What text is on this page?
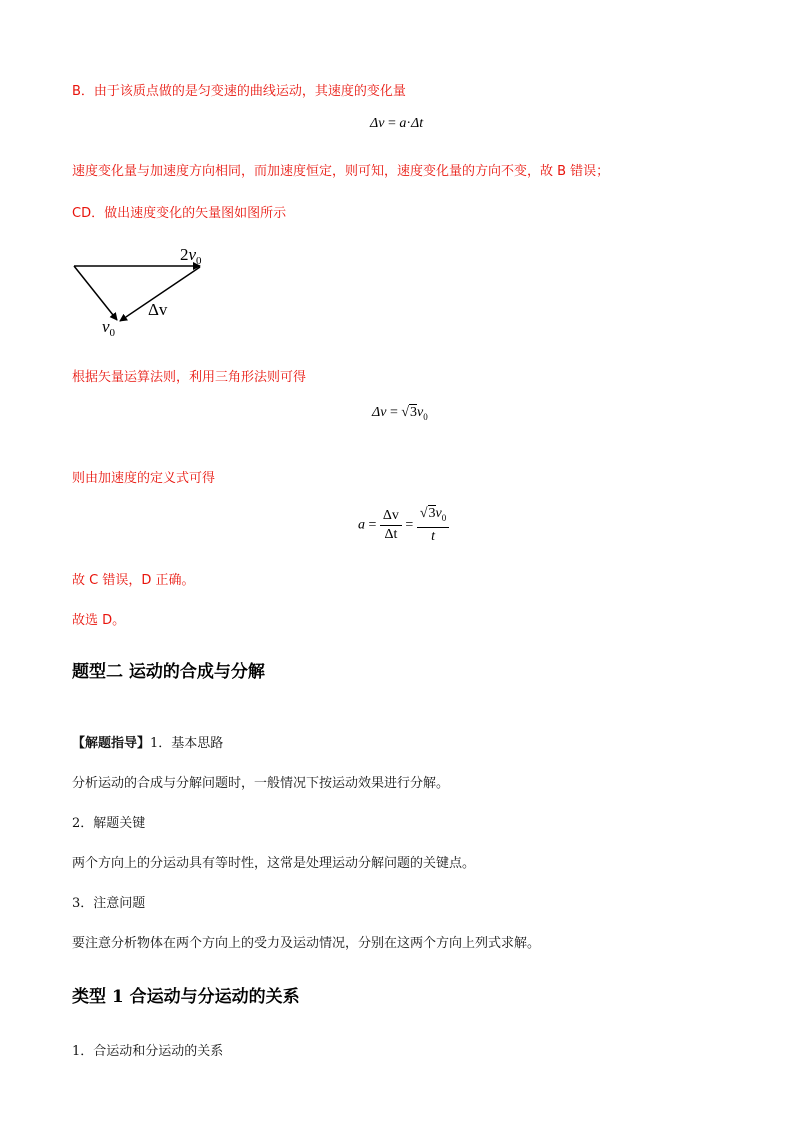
B．由于该质点做的是匀变速的曲线运动，其速度的变化量
Δv = a·Δt
速度变化量与加速度方向相同，而加速度恒定，则可知，速度变化量的方向不变，故 B 错误；
CD．做出速度变化的矢量图如图所示
$2v_0$
$v_0$
Δv
根据矢量运算法则，利用三角形法则可得
$\Delta v = √3v_0$
则由加速度的定义式可得
$a = \frac{\Delta v}{\Delta t} = \frac{√3v_0}{t}$
故 C 错误，D 正确。
故选 D。
题型二 运动的合成与分解
【解题指导】1．基本思路
分析运动的合成与分解问题时，一般情况下按运动效果进行分解。
2．解题关键
两个方向上的分运动具有等时性，这常是处理运动分解问题的关键点。
3．注意问题
要注意分析物体在两个方向上的受力及运动情况，分别在这两个方向上列式求解。
类型 1 合运动与分运动的关系
1．合运动和分运动的关系
